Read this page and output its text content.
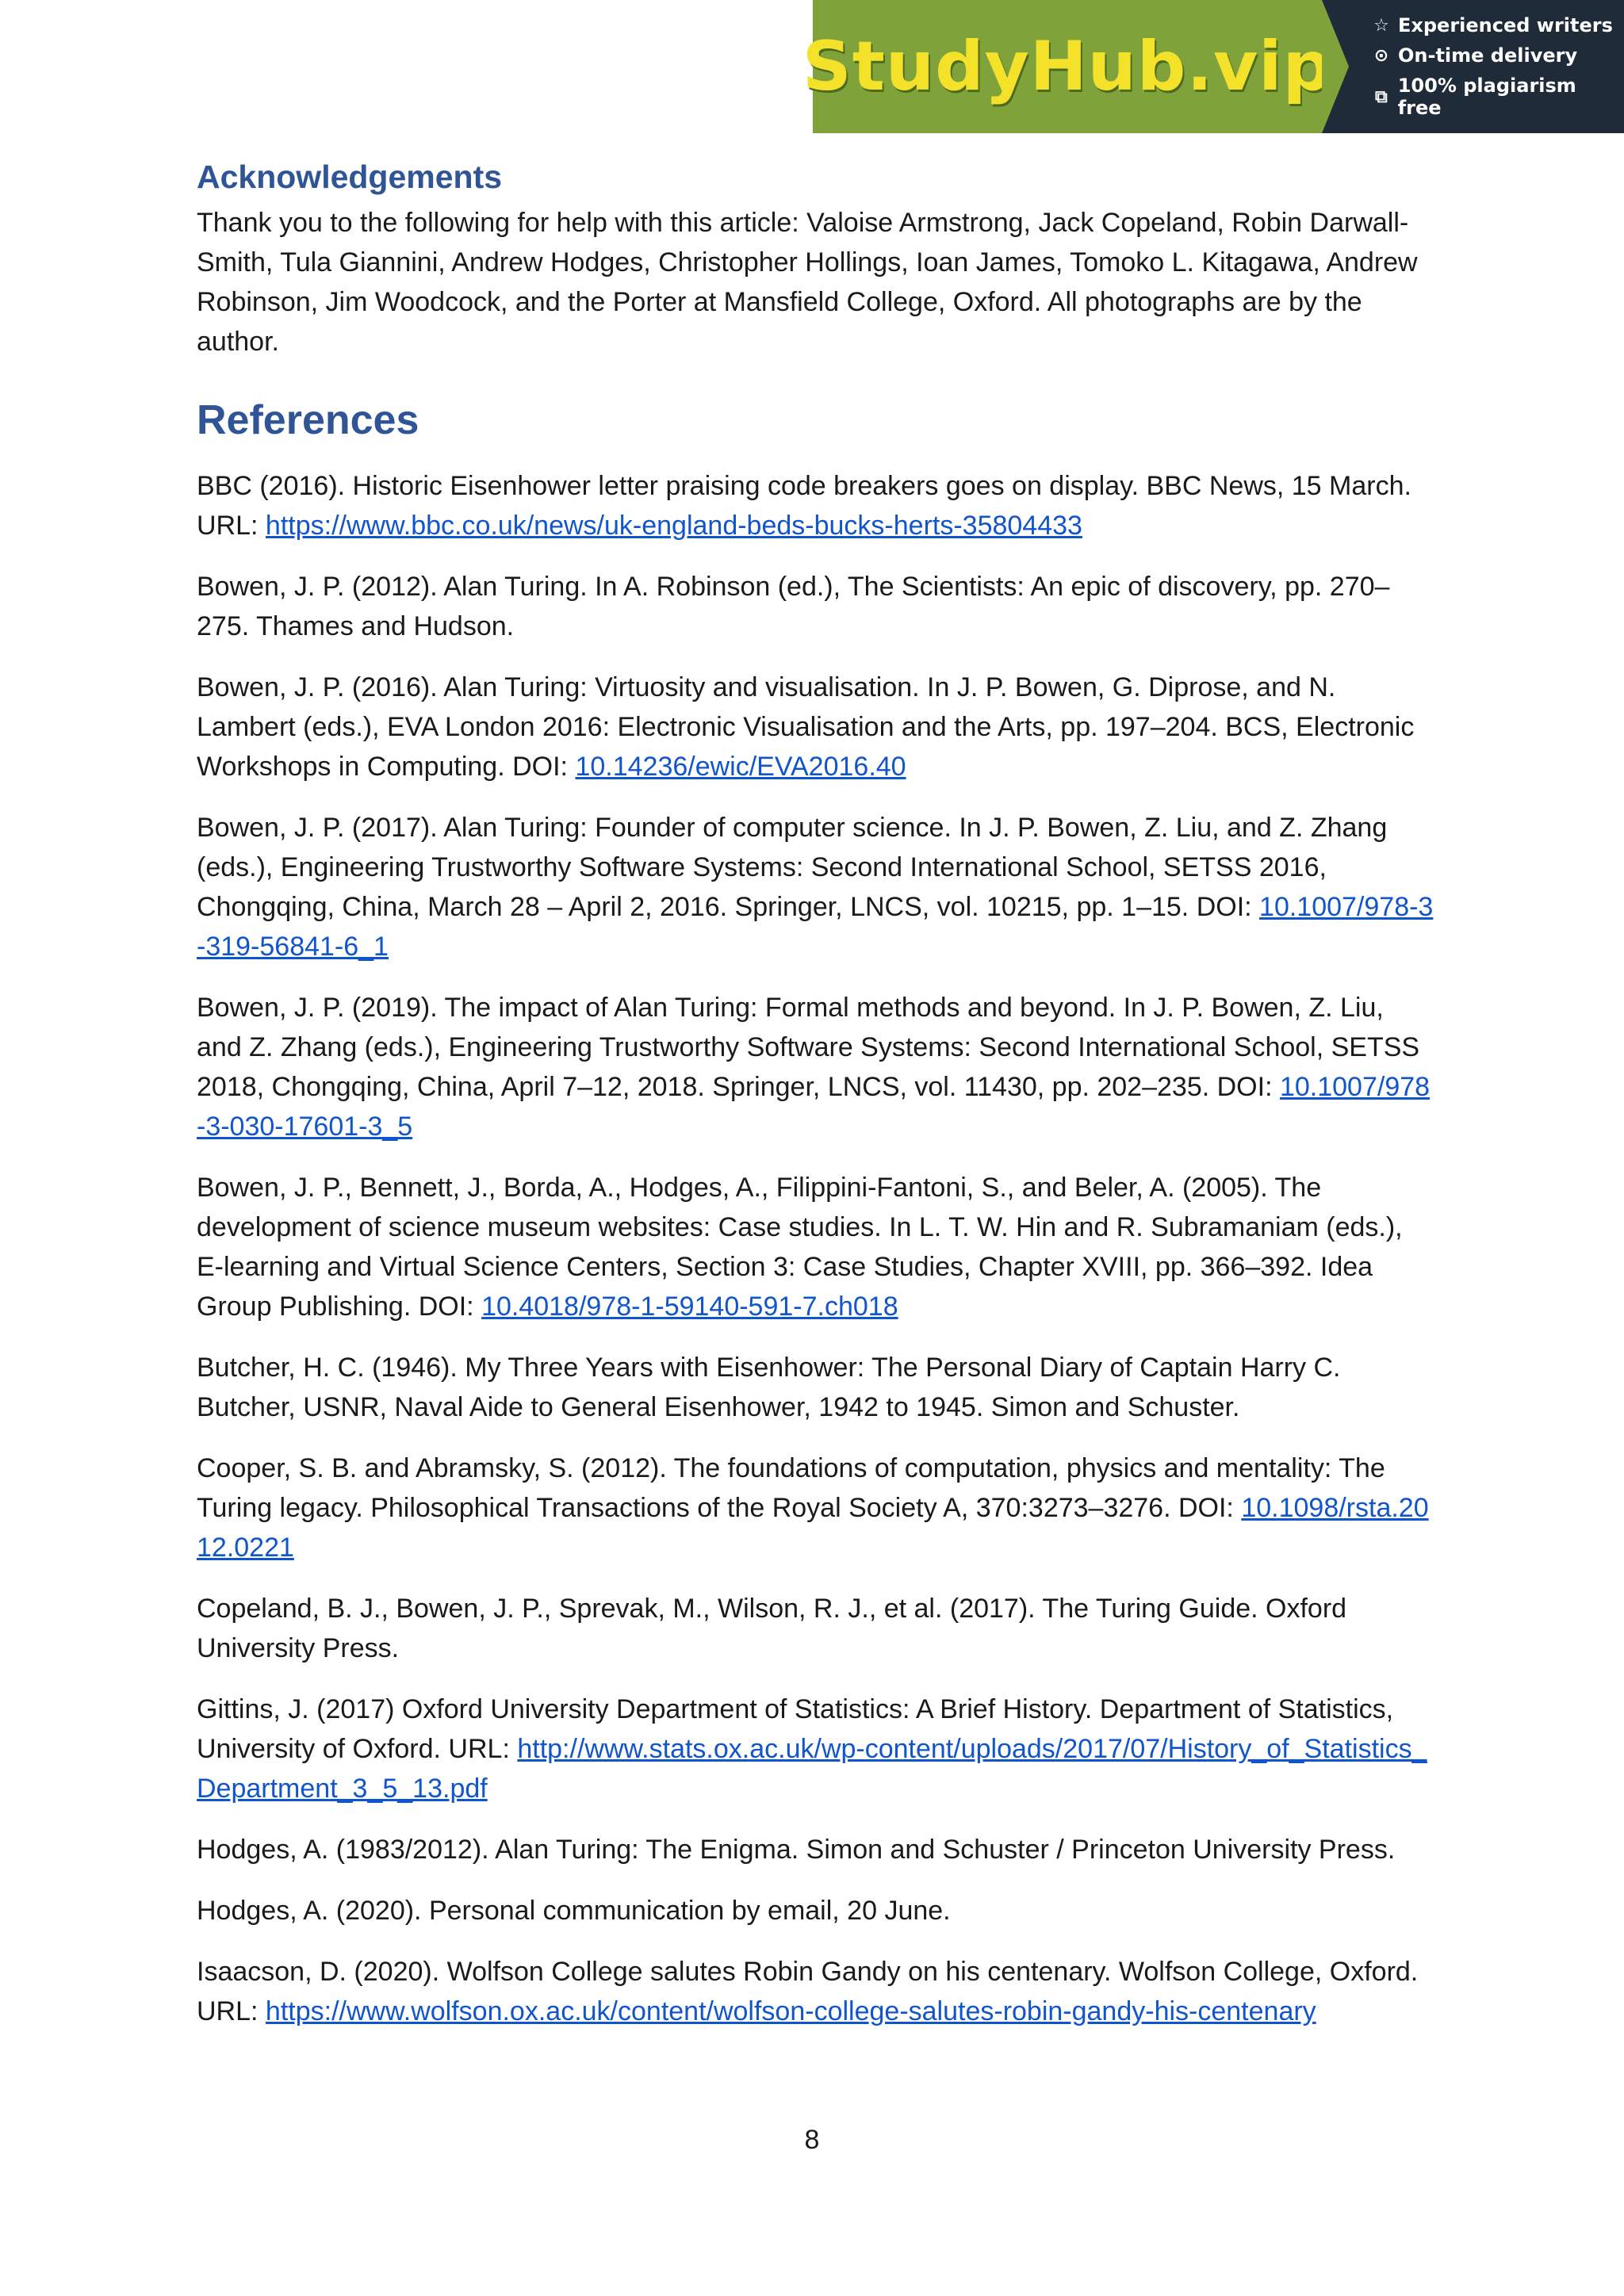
StudyHub.vip
☆ Experienced writers
⊙ On-time delivery
⧉ 100% plagiarism free
Acknowledgements

Thank you to the following for help with this article: Valoise Armstrong, Jack Copeland, Robin Darwall-Smith, Tula Giannini, Andrew Hodges, Christopher Hollings, Ioan James, Tomoko L. Kitagawa, Andrew Robinson, Jim Woodcock, and the Porter at Mansfield College, Oxford. All photographs are by the author.

References

BBC (2016). Historic Eisenhower letter praising code breakers goes on display. BBC News, 15 March. URL: https://www.bbc.co.uk/news/uk-england-beds-bucks-herts-35804433

Bowen, J. P. (2012). Alan Turing. In A. Robinson (ed.), The Scientists: An epic of discovery, pp. 270–275. Thames and Hudson.

Bowen, J. P. (2016). Alan Turing: Virtuosity and visualisation. In J. P. Bowen, G. Diprose, and N. Lambert (eds.), EVA London 2016: Electronic Visualisation and the Arts, pp. 197–204. BCS, Electronic Workshops in Computing. DOI: 10.14236/ewic/EVA2016.40

Bowen, J. P. (2017). Alan Turing: Founder of computer science. In J. P. Bowen, Z. Liu, and Z. Zhang (eds.), Engineering Trustworthy Software Systems: Second International School, SETSS 2016, Chongqing, China, March 28 – April 2, 2016. Springer, LNCS, vol. 10215, pp. 1–15. DOI: 10.1007/978-3-319-56841-6_1

Bowen, J. P. (2019). The impact of Alan Turing: Formal methods and beyond. In J. P. Bowen, Z. Liu, and Z. Zhang (eds.), Engineering Trustworthy Software Systems: Second International School, SETSS 2018, Chongqing, China, April 7–12, 2018. Springer, LNCS, vol. 11430, pp. 202–235. DOI: 10.1007/978-3-030-17601-3_5

Bowen, J. P., Bennett, J., Borda, A., Hodges, A., Filippini-Fantoni, S., and Beler, A. (2005). The development of science museum websites: Case studies. In L. T. W. Hin and R. Subramaniam (eds.), E-learning and Virtual Science Centers, Section 3: Case Studies, Chapter XVIII, pp. 366–392. Idea Group Publishing. DOI: 10.4018/978-1-59140-591-7.ch018

Butcher, H. C. (1946). My Three Years with Eisenhower: The Personal Diary of Captain Harry C. Butcher, USNR, Naval Aide to General Eisenhower, 1942 to 1945. Simon and Schuster.

Cooper, S. B. and Abramsky, S. (2012). The foundations of computation, physics and mentality: The Turing legacy. Philosophical Transactions of the Royal Society A, 370:3273–3276. DOI: 10.1098/rsta.2012.0221

Copeland, B. J., Bowen, J. P., Sprevak, M., Wilson, R. J., et al. (2017). The Turing Guide. Oxford University Press.

Gittins, J. (2017) Oxford University Department of Statistics: A Brief History. Department of Statistics, University of Oxford. URL: http://www.stats.ox.ac.uk/wp-content/uploads/2017/07/History_of_Statistics_Department_3_5_13.pdf

Hodges, A. (1983/2012). Alan Turing: The Enigma. Simon and Schuster / Princeton University Press.

Hodges, A. (2020). Personal communication by email, 20 June.

Isaacson, D. (2020). Wolfson College salutes Robin Gandy on his centenary. Wolfson College, Oxford. URL: https://www.wolfson.ox.ac.uk/content/wolfson-college-salutes-robin-gandy-his-centenary

8
